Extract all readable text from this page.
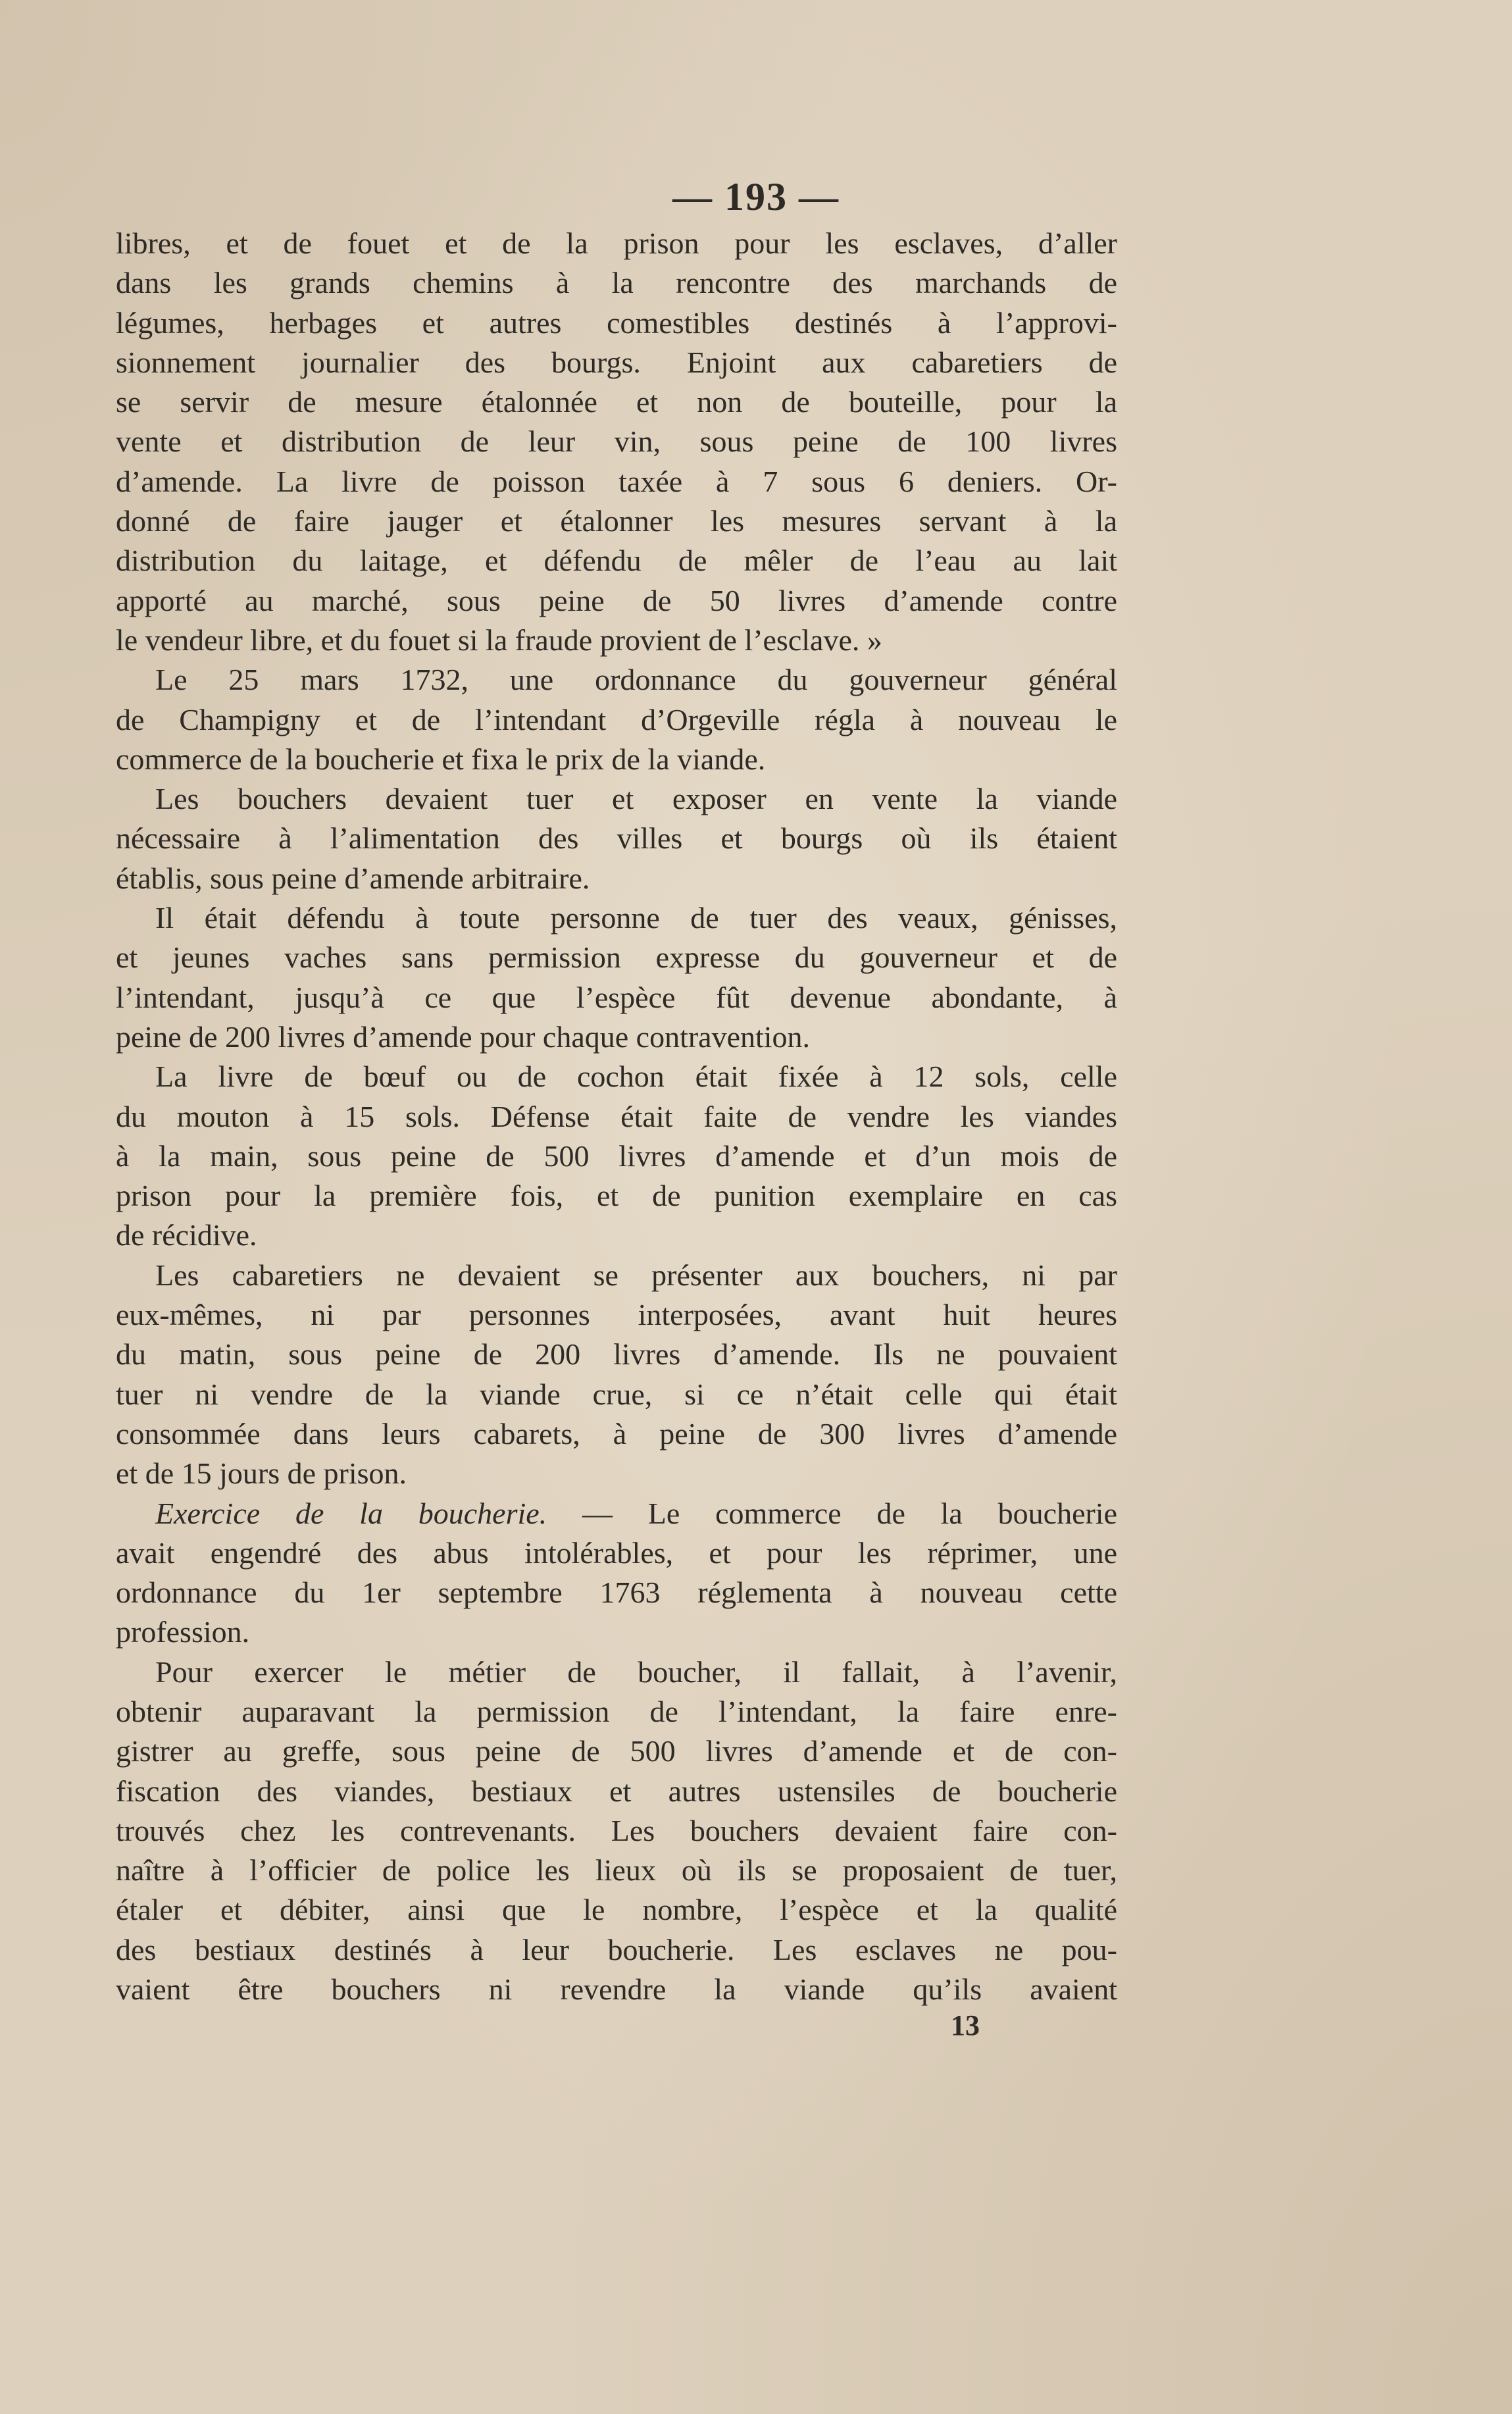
— 193 —
libres, et de fouet et de la prison pour les esclaves, d’aller
dans les grands chemins à la rencontre des marchands de
légumes, herbages et autres comestibles destinés à l’approvi-
sionnement journalier des bourgs. Enjoint aux cabaretiers de
se servir de mesure étalonnée et non de bouteille, pour la
vente et distribution de leur vin, sous peine de 100 livres
d’amende. La livre de poisson taxée à 7 sous 6 deniers. Or-
donné de faire jauger et étalonner les mesures servant à la
distribution du laitage, et défendu de mêler de l’eau au lait
apporté au marché, sous peine de 50 livres d’amende contre
le vendeur libre, et du fouet si la fraude provient de l’esclave. »
Le 25 mars 1732, une ordonnance du gouverneur général
de Champigny et de l’intendant d’Orgeville régla à nouveau le
commerce de la boucherie et fixa le prix de la viande.
Les bouchers devaient tuer et exposer en vente la viande
nécessaire à l’alimentation des villes et bourgs où ils étaient
établis, sous peine d’amende arbitraire.
Il était défendu à toute personne de tuer des veaux, génisses,
et jeunes vaches sans permission expresse du gouverneur et de
l’intendant, jusqu’à ce que l’espèce fût devenue abondante, à
peine de 200 livres d’amende pour chaque contravention.
La livre de bœuf ou de cochon était fixée à 12 sols, celle
du mouton à 15 sols. Défense était faite de vendre les viandes
à la main, sous peine de 500 livres d’amende et d’un mois de
prison pour la première fois, et de punition exemplaire en cas
de récidive.
Les cabaretiers ne devaient se présenter aux bouchers, ni par
eux-mêmes, ni par personnes interposées, avant huit heures
du matin, sous peine de 200 livres d’amende. Ils ne pouvaient
tuer ni vendre de la viande crue, si ce n’était celle qui était
consommée dans leurs cabarets, à peine de 300 livres d’amende
et de 15 jours de prison.
Exercice de la boucherie. — Le commerce de la boucherie
avait engendré des abus intolérables, et pour les réprimer, une
ordonnance du 1er septembre 1763 réglementa à nouveau cette
profession.
Pour exercer le métier de boucher, il fallait, à l’avenir,
obtenir auparavant la permission de l’intendant, la faire enre-
gistrer au greffe, sous peine de 500 livres d’amende et de con-
fiscation des viandes, bestiaux et autres ustensiles de boucherie
trouvés chez les contrevenants. Les bouchers devaient faire con-
naître à l’officier de police les lieux où ils se proposaient de tuer,
étaler et débiter, ainsi que le nombre, l’espèce et la qualité
des bestiaux destinés à leur boucherie. Les esclaves ne pou-
vaient être bouchers ni revendre la viande qu’ils avaient
13
